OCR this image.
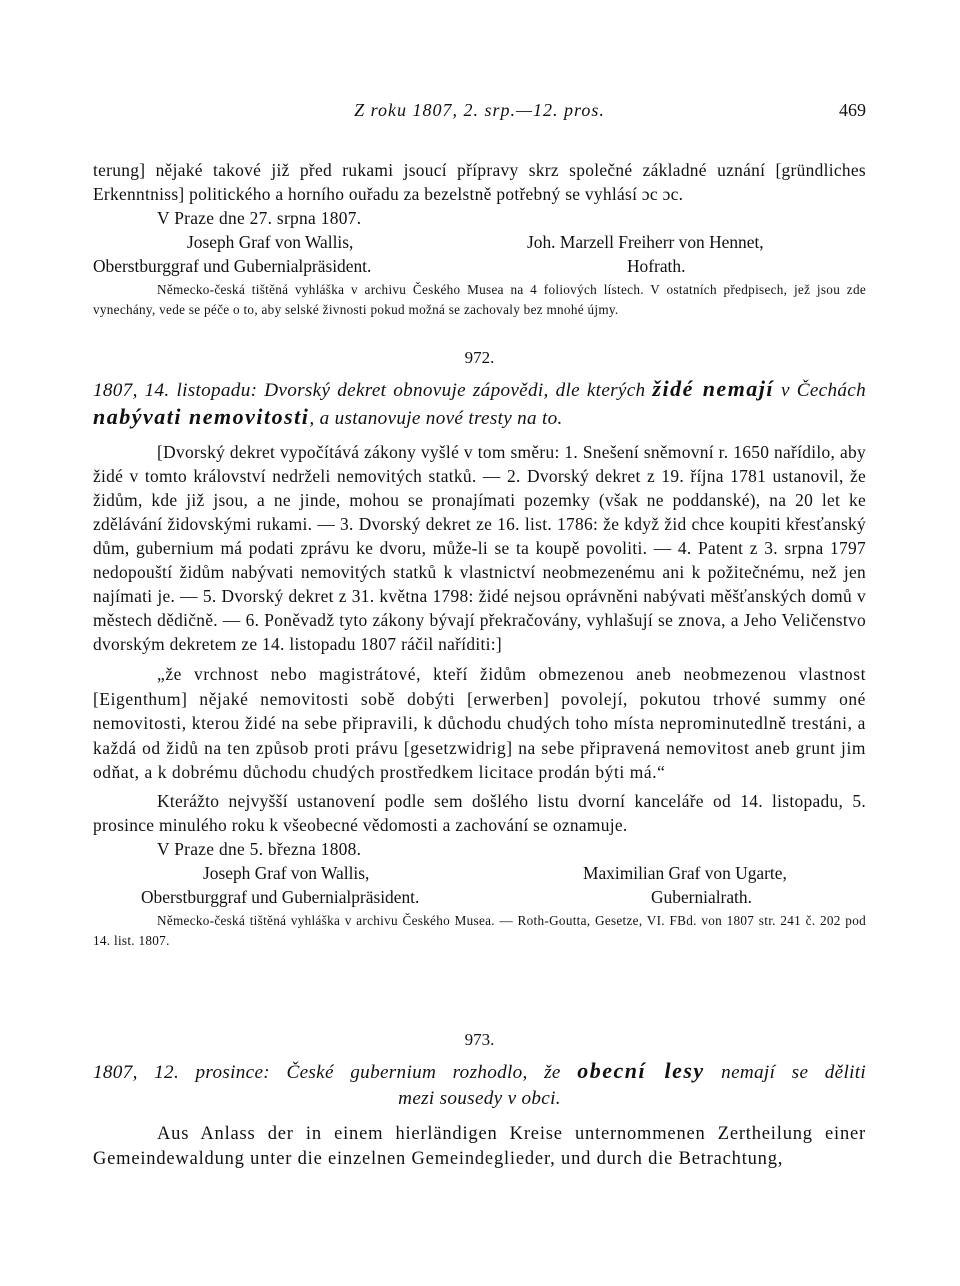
Z roku 1807, 2. srp.—12. pros.	469

terung] nějaké takové již před rukami jsoucí přípravy skrz společné základné uznání [gründliches Erkenntniss] politického a horního ouřadu za bezelstně potřebný se vyhlásí ɔc ɔc.

V Praze dne 27. srpna 1807.

Joseph Graf von Wallis,	Joh. Marzell Freiherr von Hennet,
Oberstburggraf und Gubernialpräsident.	Hofrath.

Německo-česká tištěná vyhláška v archivu Českého Musea na 4 foliových lístech. V ostatních předpisech, jež jsou zde vynechány, vede se péče o to, aby selské živnosti pokud možná se zachovaly bez mnohé újmy.

972.

1807, 14. listopadu: Dvorský dekret obnovuje zápovědi, dle kterých židé nemají v Čechách nabývati nemovitosti, a ustanovuje nové tresty na to.

[Dvorský dekret vypočítává zákony vyšlé v tom směru: 1. Snešení sněmovní r. 1650 nařídilo, aby židé v tomto království nedrželi nemovitých statků. — 2. Dvorský dekret z 19. října 1781 ustanovil, že židům, kde již jsou, a ne jinde, mohou se pronajímati pozemky (však ne poddanské), na 20 let ke zdělávání židovskými rukami. — 3. Dvorský dekret ze 16. list. 1786: že když žid chce koupiti křesťanský dům, gubernium má podati zprávu ke dvoru, může-li se ta koupě povoliti. — 4. Patent z 3. srpna 1797 nedopouští židům nabývati nemovitých statků k vlastnictví neobmezenému ani k požitečnému, než jen najímati je. — 5. Dvorský dekret z 31. května 1798: židé nejsou oprávněni nabývati měšťanských domů v městech dědičně. — 6. Poněvadž tyto zákony bývají překračovány, vyhlašují se znova, a Jeho Veličenstvo dvorským dekretem ze 14. listopadu 1807 ráčil naříditi:]

„že vrchnost nebo magistrátové, kteří židům obmezenou aneb neobmezenou vlastnost [Eigenthum] nějaké nemovitosti sobě dobýti [erwerben] povolejí, pokutou trhové summy oné nemovitosti, kterou židé na sebe připravili, k důchodu chudých toho místa neprominutedlně trestáni, a každá od židů na ten způsob proti právu [gesetzwidrig] na sebe připravená nemovitost aneb grunt jim odňat, a k dobrému důchodu chudých prostředkem licitace prodán býti má.“

Kterážto nejvyšší ustanovení podle sem došlého listu dvorní kanceláře od 14. listopadu, 5. prosince minulého roku k všeobecné vědomosti a zachování se oznamuje.

V Praze dne 5. března 1808.

Joseph Graf von Wallis,	Maximilian Graf von Ugarte,
Oberstburggraf und Gubernialpräsident.	Gubernialrath.

Německo-česká tištěná vyhláška v archivu Českého Musea. — Roth-Goutta, Gesetze, VI. FBd. von 1807 str. 241 č. 202 pod 14. list. 1807.

973.

1807, 12. prosince: České gubernium rozhodlo, že obecní lesy nemají se děliti

mezi sousedy v obci.

Aus Anlass der in einem hierländigen Kreise unternommenen Zertheilung einer Gemeindewaldung unter die einzelnen Gemeindeglieder, und durch die Betrachtung,
